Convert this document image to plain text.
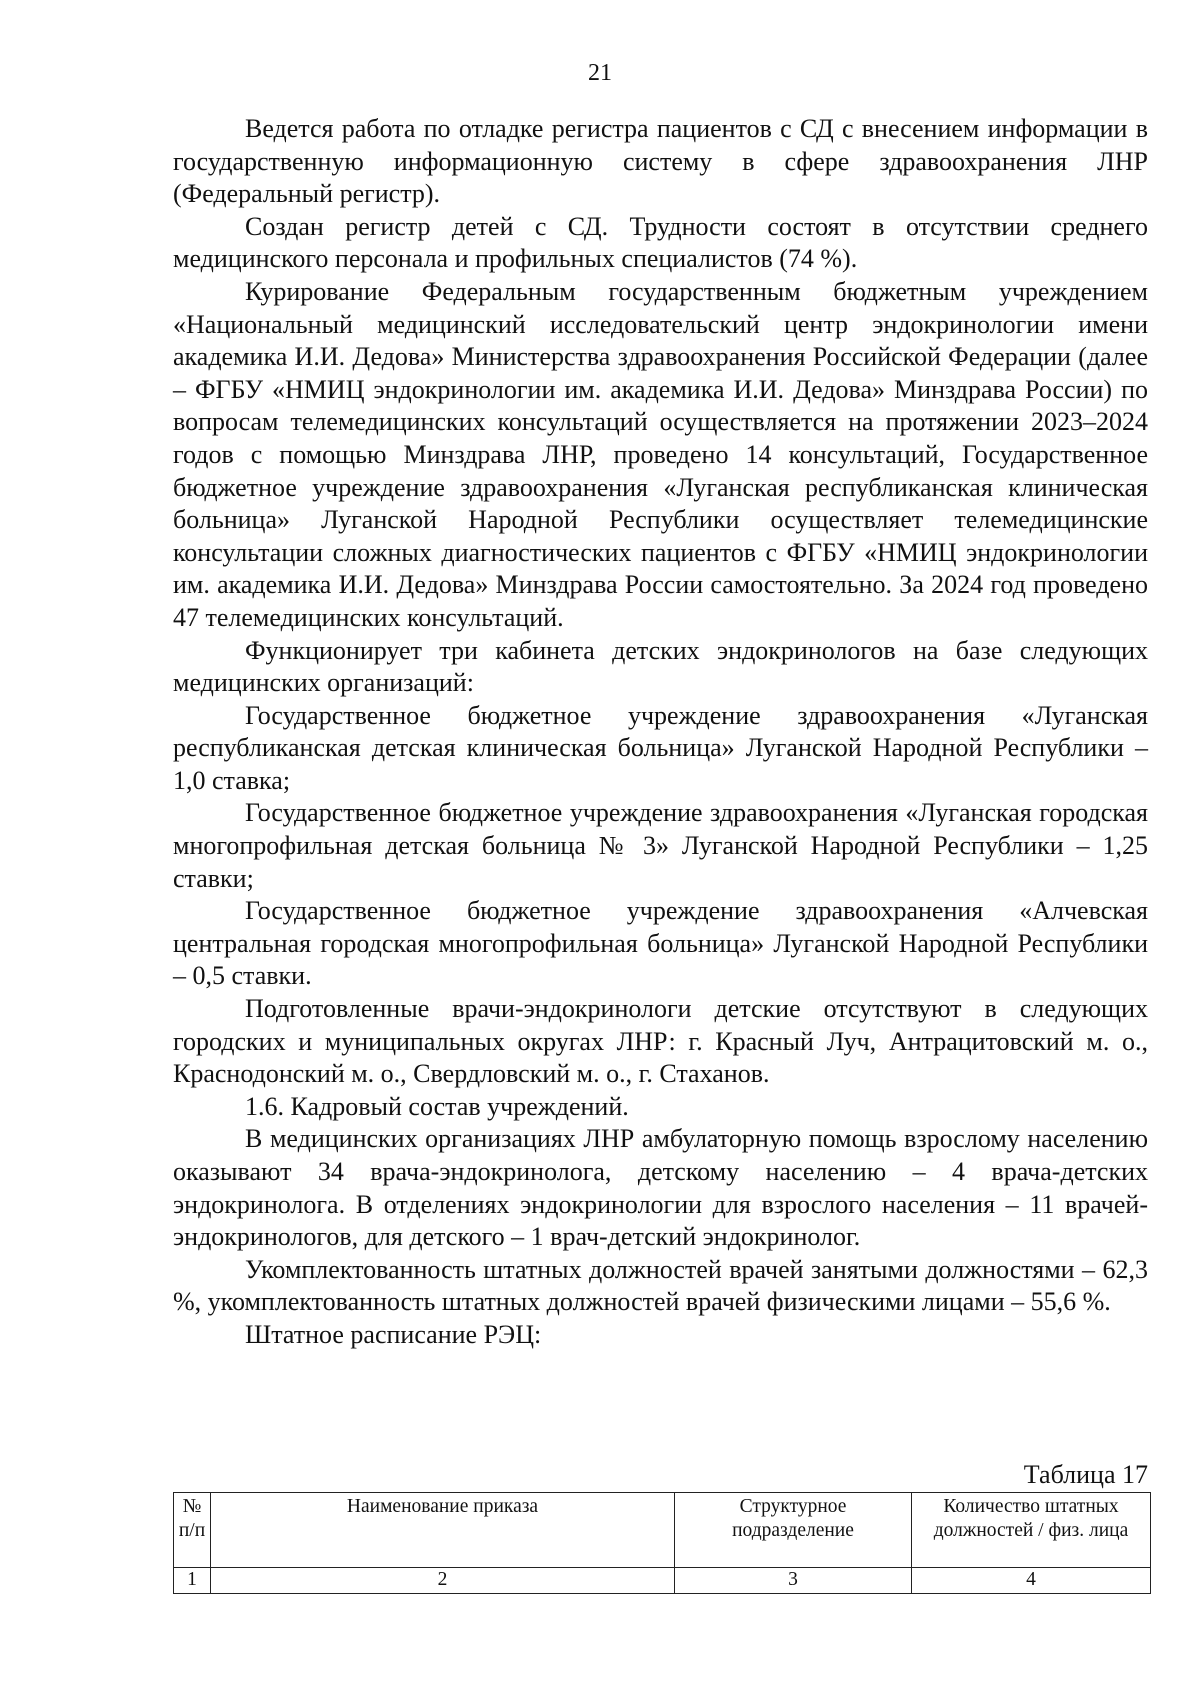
21

Ведется работа по отладке регистра пациентов с СД с внесением информации в государственную информационную систему в сфере здравоохранения ЛНР (Федеральный регистр).

Создан регистр детей с СД. Трудности состоят в отсутствии среднего медицинского персонала и профильных специалистов (74 %).

Курирование Федеральным государственным бюджетным учреждением «Национальный медицинский исследовательский центр эндокринологии имени академика И.И. Дедова» Министерства здравоохранения Российской Федерации (далее – ФГБУ «НМИЦ эндокринологии им. академика И.И. Дедова» Минздрава России) по вопросам телемедицинских консультаций осуществляется на протяжении 2023–2024 годов с помощью Минздрава ЛНР, проведено 14 консультаций, Государственное бюджетное учреждение здравоохранения «Луганская республиканская клиническая больница» Луганской Народной Республики осуществляет телемедицинские консультации сложных диагностических пациентов с ФГБУ «НМИЦ эндокринологии им. академика И.И. Дедова» Минздрава России самостоятельно. За 2024 год проведено 47 телемедицинских консультаций.

Функционирует три кабинета детских эндокринологов на базе следующих медицинских организаций:

Государственное бюджетное учреждение здравоохранения «Луганская республиканская детская клиническая больница» Луганской Народной Республики – 1,0 ставка;

Государственное бюджетное учреждение здравоохранения «Луганская городская многопрофильная детская больница № 3» Луганской Народной Республики – 1,25 ставки;

Государственное бюджетное учреждение здравоохранения «Алчевская центральная городская многопрофильная больница» Луганской Народной Республики – 0,5 ставки.

Подготовленные врачи-эндокринологи детские отсутствуют в следующих городских и муниципальных округах ЛНР: г. Красный Луч, Антрацитовский м. о., Краснодонский м. о., Свердловский м. о., г. Стаханов.

1.6. Кадровый состав учреждений.

В медицинских организациях ЛНР амбулаторную помощь взрослому населению оказывают 34 врача-эндокринолога, детскому населению – 4 врача-детских эндокринолога. В отделениях эндокринологии для взрослого населения – 11 врачей-эндокринологов, для детского – 1 врач-детский эндокринолог.

Укомплектованность штатных должностей врачей занятыми должностями – 62,3 %, укомплектованность штатных должностей врачей физическими лицами – 55,6 %.

Штатное расписание РЭЦ:

Таблица 17
№ п/п	Наименование приказа	Структурное подразделение	Количество штатных должностей / физ. лица
1	2	3	4
